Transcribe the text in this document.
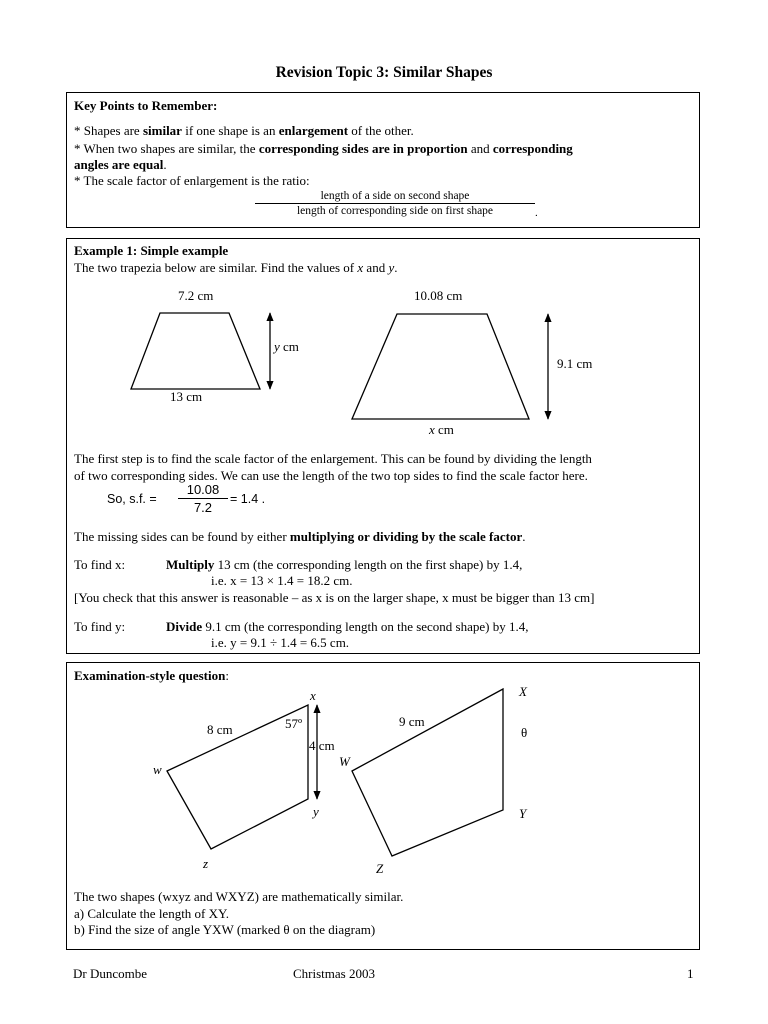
Revision Topic 3: Similar Shapes
Key Points to Remember:
* Shapes are similar if one shape is an enlargement of the other.
* When two shapes are similar, the corresponding sides are in proportion and corresponding
angles are equal.
* The scale factor of enlargement is the ratio:
length of a side on second shape
length of corresponding side on first shape	.
Example 1: Simple example
The two trapezia below are similar. Find the values of x and y.
7.2 cm
13 cm
y cm
10.08 cm
x cm
9.1 cm
The first step is to find the scale factor of the enlargement. This can be found by dividing the length
of two corresponding sides. We can use the length of the two top sides to find the scale factor here.
So, s.f. = $\frac{10.08}{7.2} = 1.4$ .
The missing sides can be found by either multiplying or dividing by the scale factor.
To find x:	Multiply 13 cm (the corresponding length on the first shape) by 1.4,
i.e. x = 13 × 1.4 = 18.2 cm.
[You check that this answer is reasonable – as x is on the larger shape, x must be bigger than 13 cm]
To find y:	Divide 9.1 cm (the corresponding length on the second shape) by 1.4,
i.e. y = 9.1 ÷ 1.4 = 6.5 cm.
Examination-style question:
x
w
y
z
8 cm	57º
4 cm
X
W
Y
Z
9 cm
θ
The two shapes (wxyz and WXYZ) are mathematically similar.
a) Calculate the length of XY.
b) Find the size of angle YXW (marked θ on the diagram)
Dr Duncombe	Christmas 2003	1
